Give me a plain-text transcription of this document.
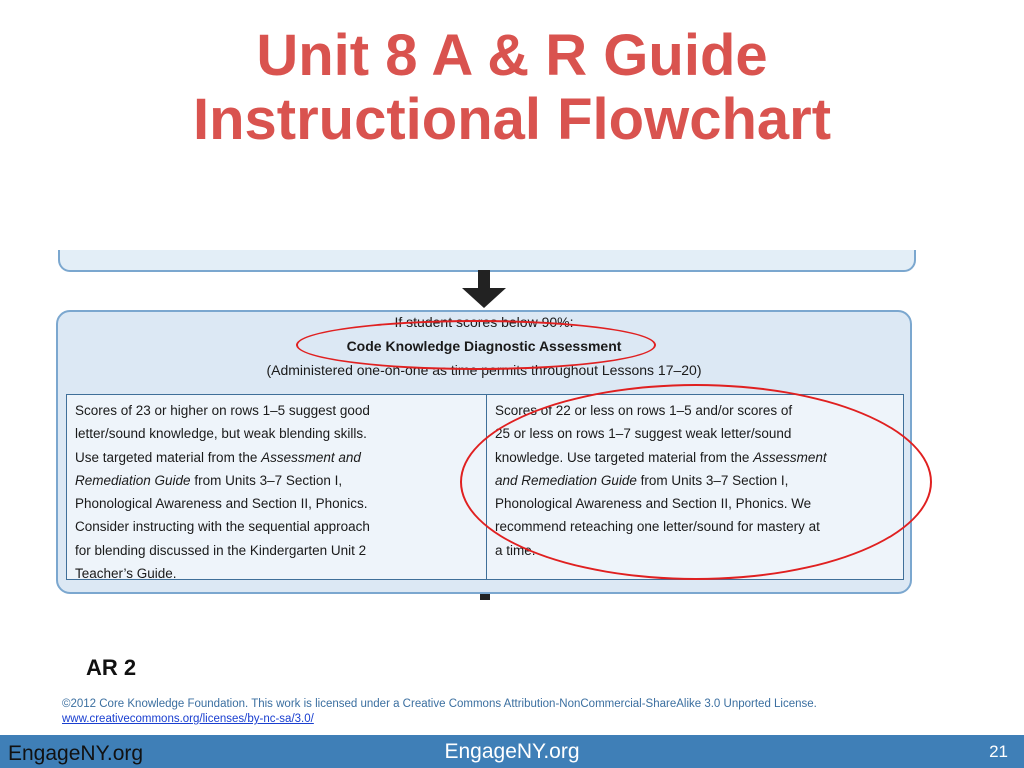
Unit 8 A & R Guide
Instructional Flowchart
If student scores below 90%:
Code Knowledge Diagnostic Assessment
(Administered one-on-one as time permits throughout Lessons 17–20)
Scores of 23 or higher on rows 1–5 suggest good
letter/sound knowledge, but weak blending skills.
Use targeted material from the Assessment and
Remediation Guide from Units 3–7 Section I,
Phonological Awareness and Section II, Phonics.
Consider instructing with the sequential approach
for blending discussed in the Kindergarten Unit 2
Teacher’s Guide.
Scores of 22 or less on rows 1–5 and/or scores of
25 or less on rows 1–7 suggest weak letter/sound
knowledge. Use targeted material from the Assessment
and Remediation Guide from Units 3–7 Section I,
Phonological Awareness and Section II, Phonics. We
recommend reteaching one letter/sound for mastery at
a time.
AR 2
©2012 Core Knowledge Foundation. This work is licensed under a Creative Commons Attribution-NonCommercial-ShareAlike 3.0 Unported License.
www.creativecommons.org/licenses/by-nc-sa/3.0/
EngageNY.org	EngageNY.org	21
